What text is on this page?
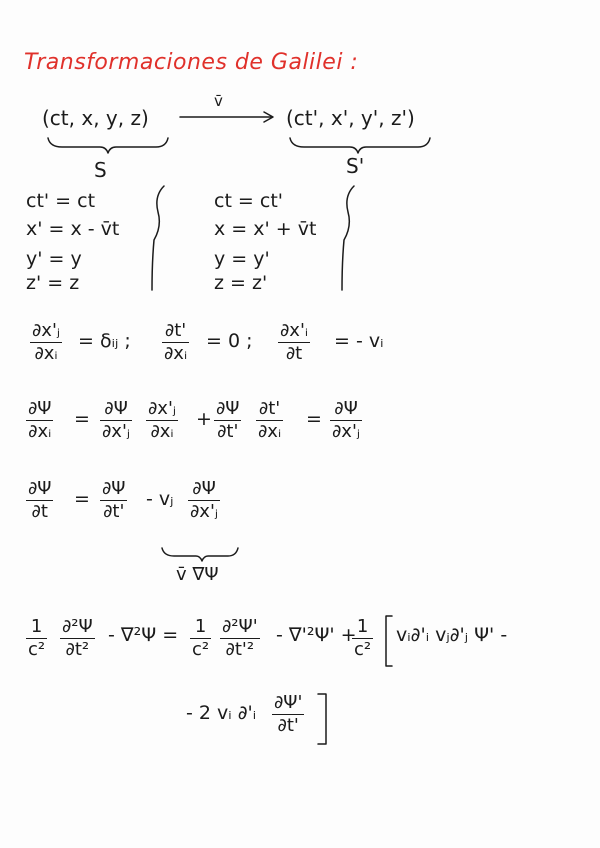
Transformaciones de Galilei :
(ct, x, y, z)
v̄
(ct', x', y', z')
S	S'
ct' = ct
x' = x - v̄t
y' = y
z' = z
ct = ct'
x = x' + v̄t
y = y'
z = z'
∂x'ⱼ
∂xᵢ
= δᵢⱼ ; ∂t'
∂xᵢ
= 0 ; ∂x'ᵢ
∂t
= - vᵢ
∂Ψ
∂xᵢ
= ∂Ψ
∂x'ⱼ
∂x'ⱼ
∂xᵢ
+ ∂Ψ
∂t'
∂t'
∂xᵢ
= ∂Ψ
∂x'ⱼ
∂Ψ
∂t
= ∂Ψ
∂t'
- vⱼ ∂Ψ
∂x'ⱼ
v̄ ∇Ψ
1
c²
∂²Ψ
∂t²
- ∇²Ψ = 1
c²
∂²Ψ'
∂t'²
- ∇'²Ψ' + 1
c²
vᵢ∂'ᵢ vⱼ∂'ⱼ Ψ' -
- 2 vᵢ ∂'ᵢ ∂Ψ'
∂t'
